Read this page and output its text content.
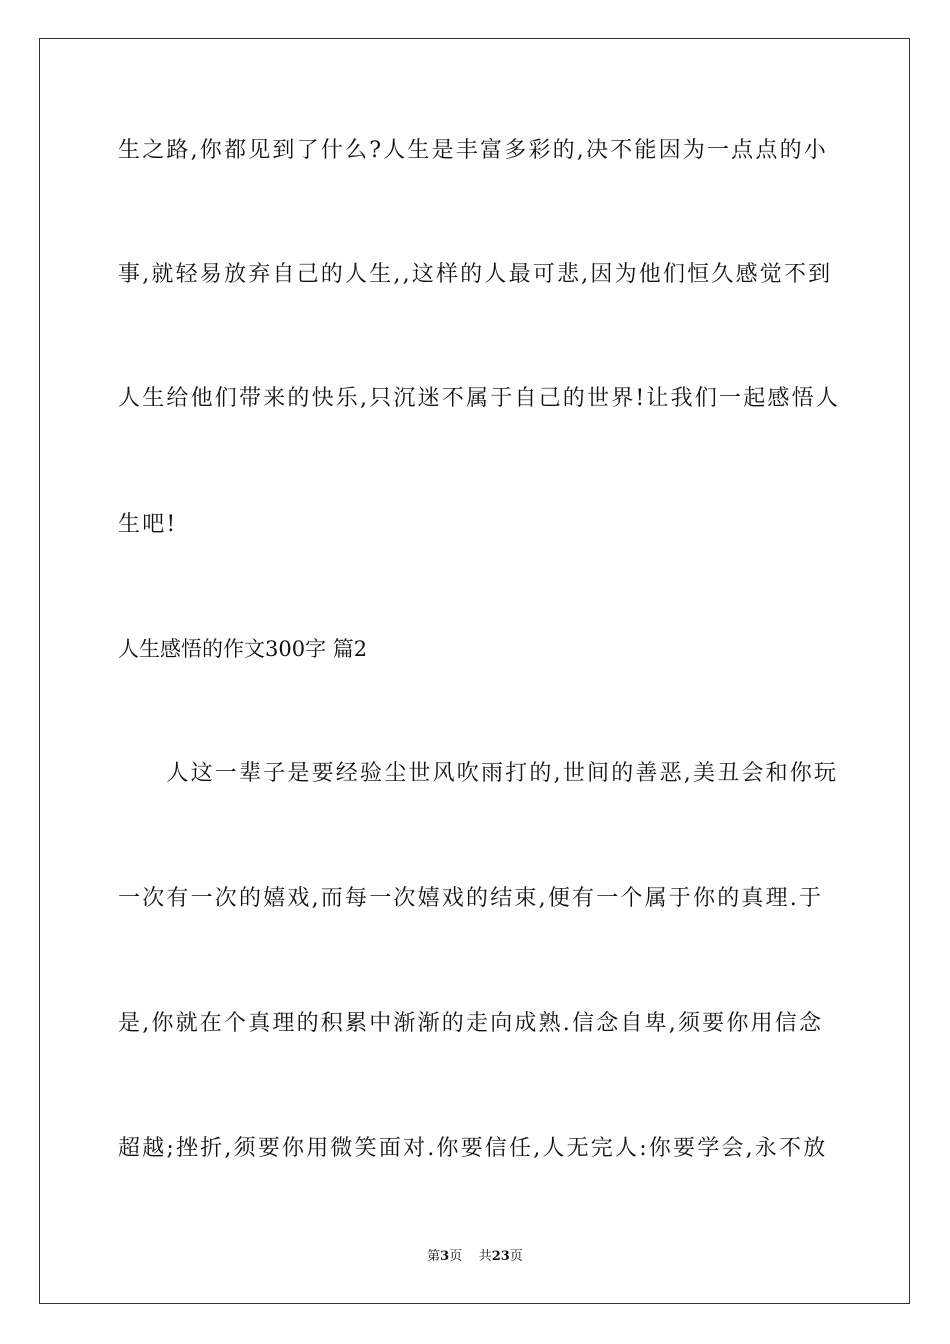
生之路,你都见到了什么?人生是丰富多彩的,决不能因为一点点的小
事,就轻易放弃自己的人生,,这样的人最可悲,因为他们恒久感觉不到
人生给他们带来的快乐,只沉迷不属于自己的世界!让我们一起感悟人
生吧!
人生感悟的作文300字 篇2
　　人这一辈子是要经验尘世风吹雨打的,世间的善恶,美丑会和你玩
一次有一次的嬉戏,而每一次嬉戏的结束,便有一个属于你的真理.于
是,你就在个真理的积累中渐渐的走向成熟.信念自卑,须要你用信念
超越;挫折,须要你用微笑面对.你要信任,人无完人:你要学会,永不放
第3页 共23页
